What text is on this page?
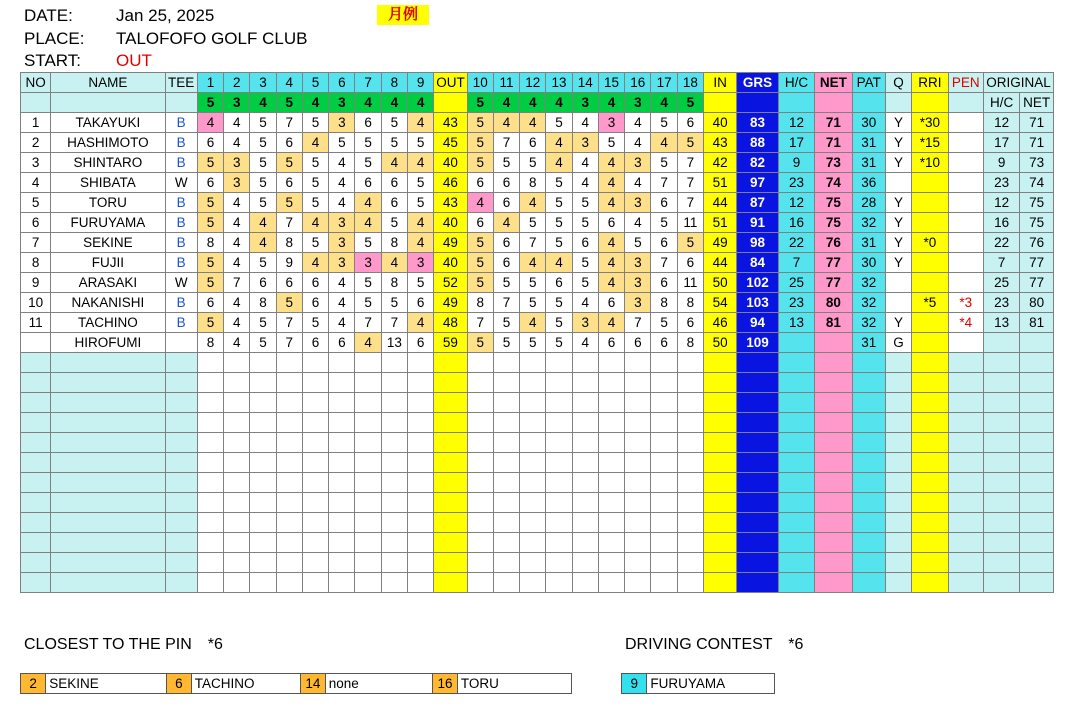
DATE:	Jan 25, 2025
PLACE: TALOFOFO GOLF CLUB
START: OUT
月例
NO	NAME	TEE	1	2	3	4	5	6	7	8	9	OUT	10	11	12	13	14	15	16	17	18	IN	GRS	H/C	NET	PAT	Q	RRI	PEN	ORIGINAL	
			5	3	4	5	4	3	4	4	4		5	4	4	4	3	4	3	4	5									H/C	NET
1	TAKAYUKI	B	4	4	5	7	5	3	6	5	4	43	5	4	4	5	4	3	4	5	6	40	83	12	71	30	Y	*30		12	71
2	HASHIMOTO	B	6	4	5	6	4	5	5	5	5	45	5	7	6	4	3	5	4	4	5	43	88	17	71	31	Y	*15		17	71
3	SHINTARO	B	5	3	5	5	5	4	5	4	4	40	5	5	5	4	4	4	3	5	7	42	82	9	73	31	Y	*10		9	73
4	SHIBATA	W	6	3	5	6	5	4	6	6	5	46	6	6	8	5	4	4	4	7	7	51	97	23	74	36				23	74
5	TORU	B	5	4	5	5	5	4	4	6	5	43	4	6	4	5	5	4	3	6	7	44	87	12	75	28	Y			12	75
6	FURUYAMA	B	5	4	4	7	4	3	4	5	4	40	6	4	5	5	5	6	4	5	11	51	91	16	75	32	Y			16	75
7	SEKINE	B	8	4	4	8	5	3	5	8	4	49	5	6	7	5	6	4	5	6	5	49	98	22	76	31	Y	*0		22	76
8	FUJII	B	5	4	5	9	4	3	3	4	3	40	5	6	4	4	5	4	3	7	6	44	84	7	77	30	Y			7	77
9	ARASAKI	W	5	7	6	6	6	4	5	8	5	52	5	5	5	6	5	4	3	6	11	50	102	25	77	32				25	77
10	NAKANISHI	B	6	4	8	5	6	4	5	5	6	49	8	7	5	5	4	6	3	8	8	54	103	23	80	32		*5	*3	23	80
11	TACHINO	B	5	4	5	7	5	4	7	7	4	48	7	5	4	5	3	4	7	5	6	46	94	13	81	32	Y		*4	13	81
	HIROFUMI		8	4	5	7	6	6	4	13	6	59	5	5	5	5	4	6	6	6	8	50	109			31	G				

CLOSEST TO THE PIN　*6	DRIVING CONTEST　*6
2 SEKINE	6 TACHINO	14 none	16 TORU	9 FURUYAMA
